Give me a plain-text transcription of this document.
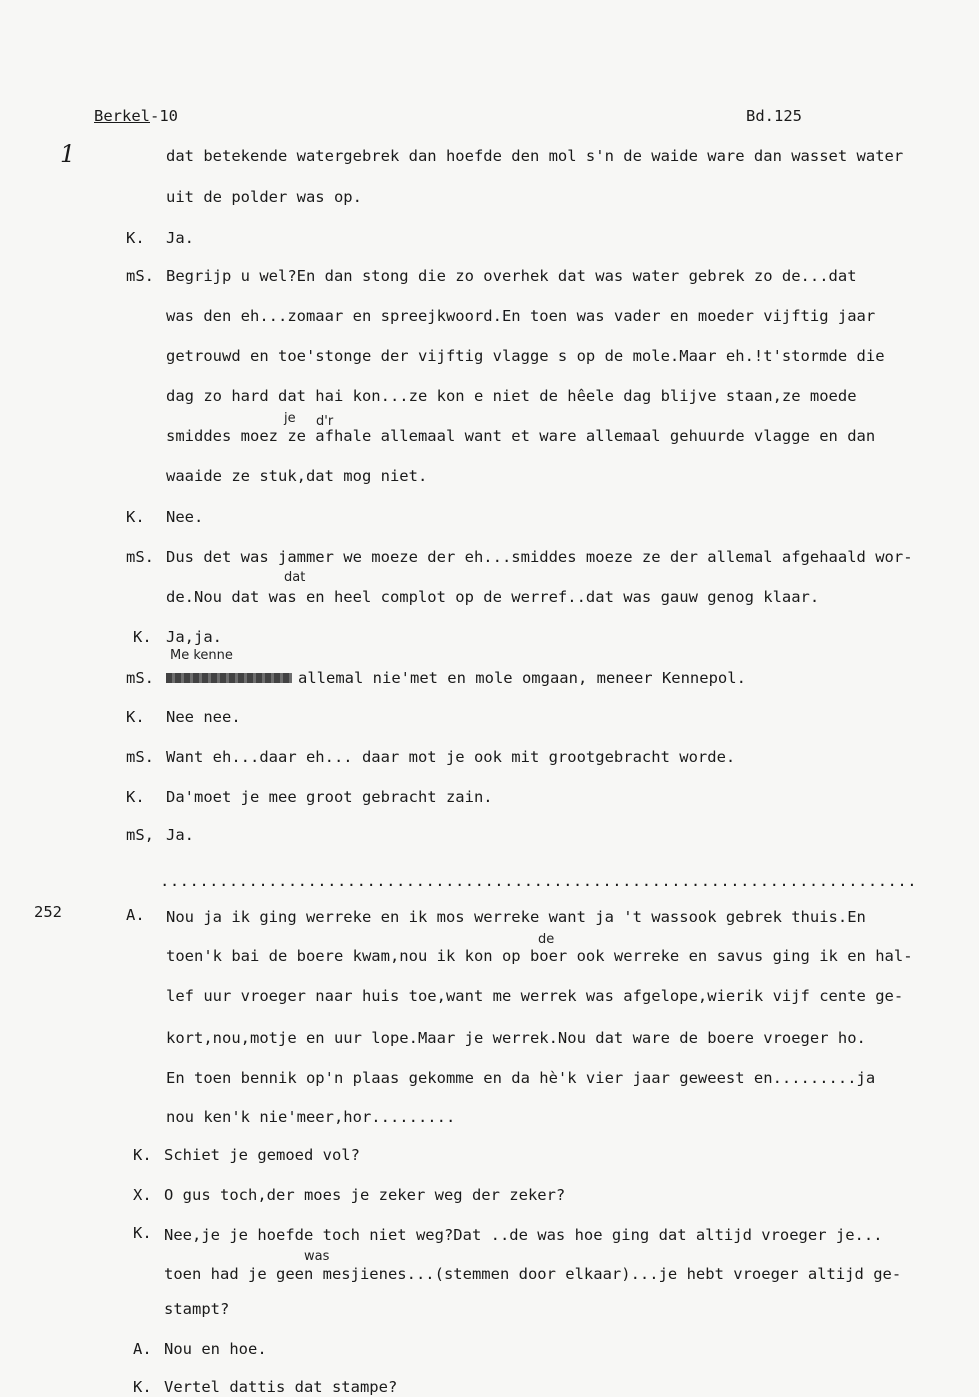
Berkel-10	Bd.125
1
252
Me kenne
je d'r
dat
de
was
dat betekende watergebrek dan hoefde den mol s'n de waide ware dan wasset water
uit de polder was op.
K. Ja.
mS. Begrijp u wel?En dan stong die zo overhek dat was water gebrek zo de...dat
was den eh...zomaar en spreejkwoord.En toen was vader en moeder vijftig jaar
getrouwd en toe'stonge der vijftig vlagge s op de mole.Maar eh.!t'stormde die
dag zo hard dat hai kon...ze kon e niet de hêele dag blijve staan,ze moede
smiddes moez ze afhale allemaal want et ware allemaal gehuurde vlagge en dan
waaide ze stuk,dat mog niet.
K. Nee.
mS. Dus det was jammer we moeze der eh...smiddes moeze ze der allemal afgehaald wor-
de.Nou dat was en heel complot op de werref..dat was gauw genog klaar.
K. Ja,ja.
mS.	allemal nie'met en mole omgaan, meneer Kennepol.
K. Nee nee.
mS. Want eh...daar eh... daar mot je ook mit grootgebracht worde.
K. Da'moet je mee groot gebracht zain.
mS, Ja.
.............................................................................
A. Nou ja ik ging werreke en ik mos werreke want ja 't wassook gebrek thuis.En
toen'k bai de boere kwam,nou ik kon op boer ook werreke en savus ging ik en hal-
lef uur vroeger naar huis toe,want me werrek was afgelope,wierik vijf cente ge-
kort,nou,motje en uur lope.Maar je werrek.Nou dat ware de boere vroeger ho.
En toen bennik op'n plaas gekomme en da hè'k vier jaar geweest en.........ja
nou ken'k nie'meer,hor.........
K. Schiet je gemoed vol?
X. O gus toch,der moes je zeker weg der zeker?
K. Nee,je je hoefde toch niet weg?Dat ..de was hoe ging dat altijd vroeger je...
toen had je geen mesjienes...(stemmen door elkaar)...je hebt vroeger altijd ge-
stampt?
A. Nou en hoe.
K. Vertel dattis dat stampe?
